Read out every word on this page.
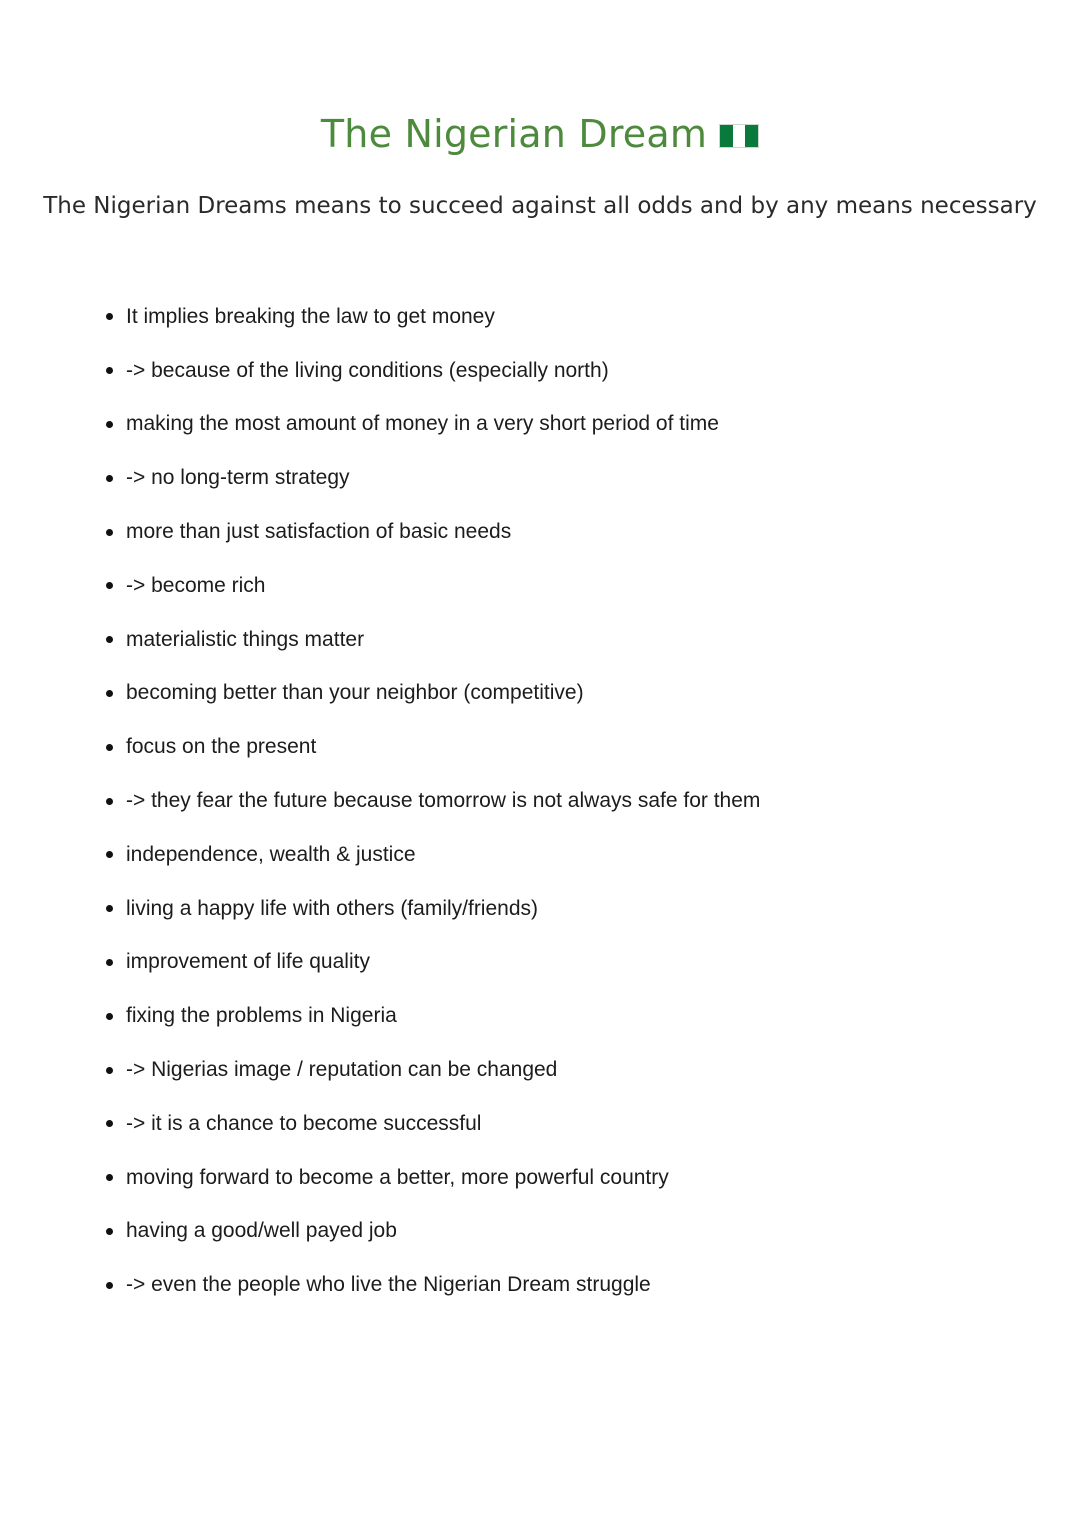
The Nigerian Dream
The Nigerian Dreams means to succeed against all odds and by any means necessary
It implies breaking the law to get money
-> because of the living conditions (especially north)
making the most amount of money in a very short period of time
-> no long-term strategy
more than just satisfaction of basic needs
-> become rich
materialistic things matter
becoming better than your neighbor (competitive)
focus on the present
-> they fear the future because tomorrow is not always safe for them
independence, wealth & justice
living a happy life with others (family/friends)
improvement of life quality
fixing the problems in Nigeria
-> Nigerias image / reputation can be changed
-> it is a chance to become successful
moving forward to become a better, more powerful country
having a good/well payed job
-> even the people who live the Nigerian Dream struggle
